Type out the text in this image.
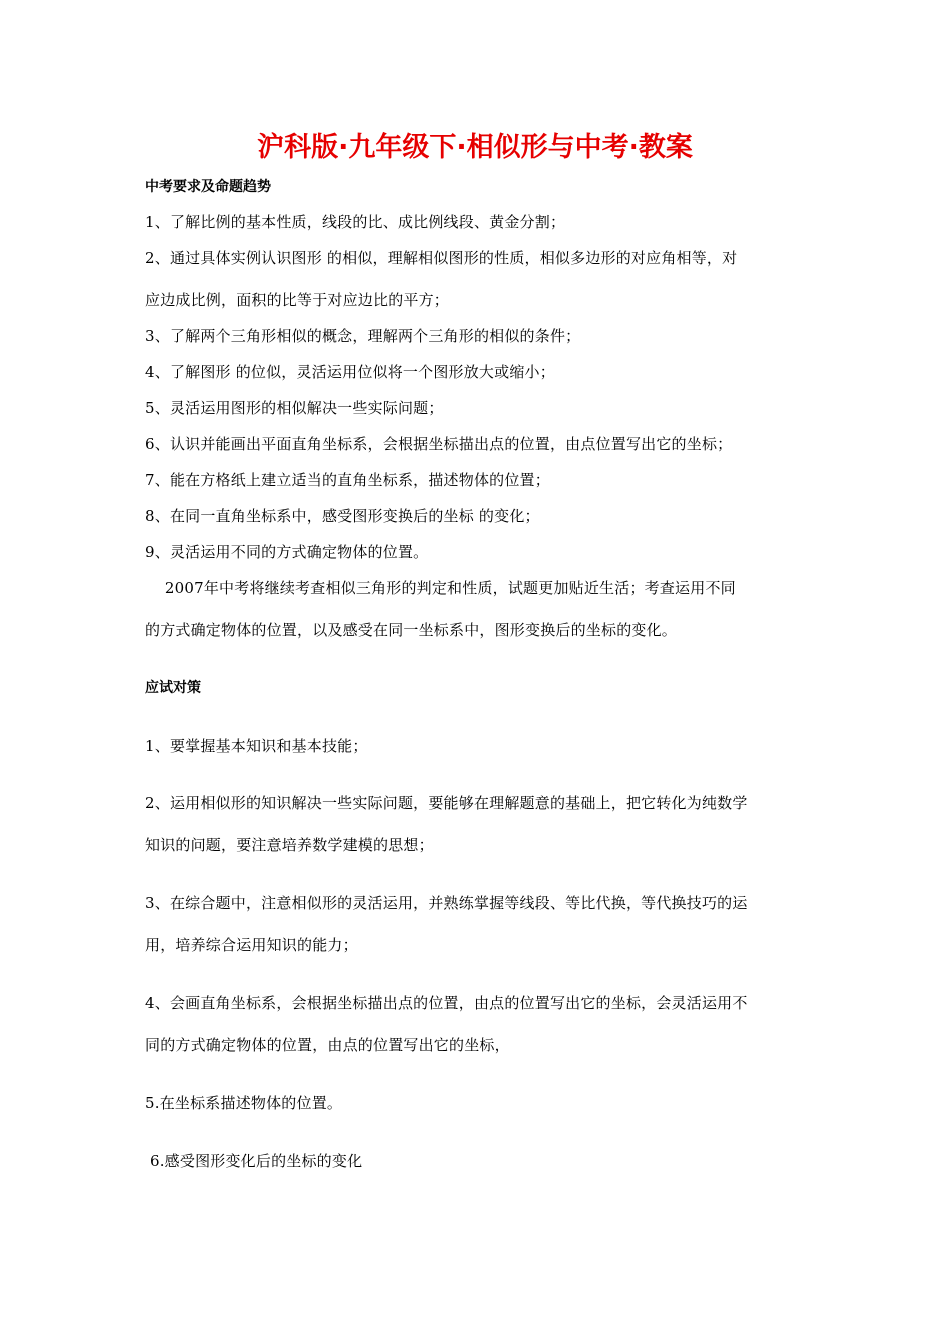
沪科版·九年级下·相似形与中考·教案
中考要求及命题趋势
1、了解比例的基本性质，线段的比、成比例线段、黄金分割；
2、通过具体实例认识图形 的相似，理解相似图形的性质，相似多边形的对应角相等，对
应边成比例，面积的比等于对应边比的平方；
3、了解两个三角形相似的概念，理解两个三角形的相似的条件；
4、了解图形 的位似，灵活运用位似将一个图形放大或缩小；
5、灵活运用图形的相似解决一些实际问题；
6、认识并能画出平面直角坐标系，会根据坐标描出点的位置，由点位置写出它的坐标；
7、能在方格纸上建立适当的直角坐标系，描述物体的位置；
8、在同一直角坐标系中，感受图形变换后的坐标 的变化；
9、灵活运用不同的方式确定物体的位置。
2007年中考将继续考查相似三角形的判定和性质，试题更加贴近生活；考查运用不同
的方式确定物体的位置，以及感受在同一坐标系中，图形变换后的坐标的变化。
应试对策
1、要掌握基本知识和基本技能；
2、运用相似形的知识解决一些实际问题，要能够在理解题意的基础上，把它转化为纯数学
知识的问题，要注意培养数学建模的思想；
3、在综合题中，注意相似形的灵活运用，并熟练掌握等线段、等比代换，等代换技巧的运
用，培养综合运用知识的能力；
4、会画直角坐标系，会根据坐标描出点的位置，由点的位置写出它的坐标，会灵活运用不
同的方式确定物体的位置，由点的位置写出它的坐标，
5.在坐标系描述物体的位置。
6.感受图形变化后的坐标的变化
